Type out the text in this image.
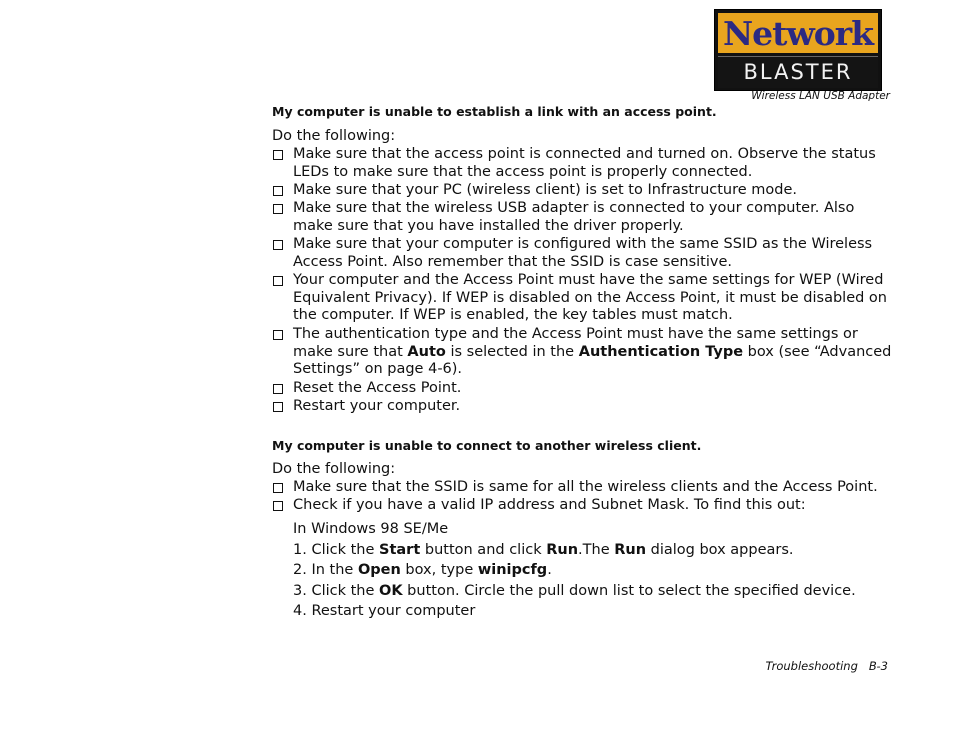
Network
BLASTER
Wireless LAN USB Adapter
My computer is unable to establish a link with an access point.
Do the following:
Make sure that the access point is connected and turned on. Observe the status LEDs to make sure that the access point is properly connected.
Make sure that your PC (wireless client) is set to Infrastructure mode.
Make sure that the wireless USB adapter is connected to your computer. Also make sure that you have installed the driver properly.
Make sure that your computer is configured with the same SSID as the Wireless Access Point. Also remember that the SSID is case sensitive.
Your computer and the Access Point must have the same settings for WEP (Wired Equivalent Privacy). If WEP is disabled on the Access Point, it must be disabled on the computer. If WEP is enabled, the key tables must match.
The authentication type and the Access Point must have the same settings or make sure that Auto is selected in the Authentication Type box (see “Advanced Settings” on page 4-6).
Reset the Access Point.
Restart your computer.
My computer is unable to connect to another wireless client.
Do the following:
Make sure that the SSID is same for all the wireless clients and the Access Point.
Check if you have a valid IP address and Subnet Mask. To find this out:
In Windows 98 SE/Me
1. Click the Start button and click Run.The Run dialog box appears.
2. In the Open box, type winipcfg.
3. Click the OK button. Circle the pull down list to select the specified device.
4. Restart your computer
Troubleshooting B-3
